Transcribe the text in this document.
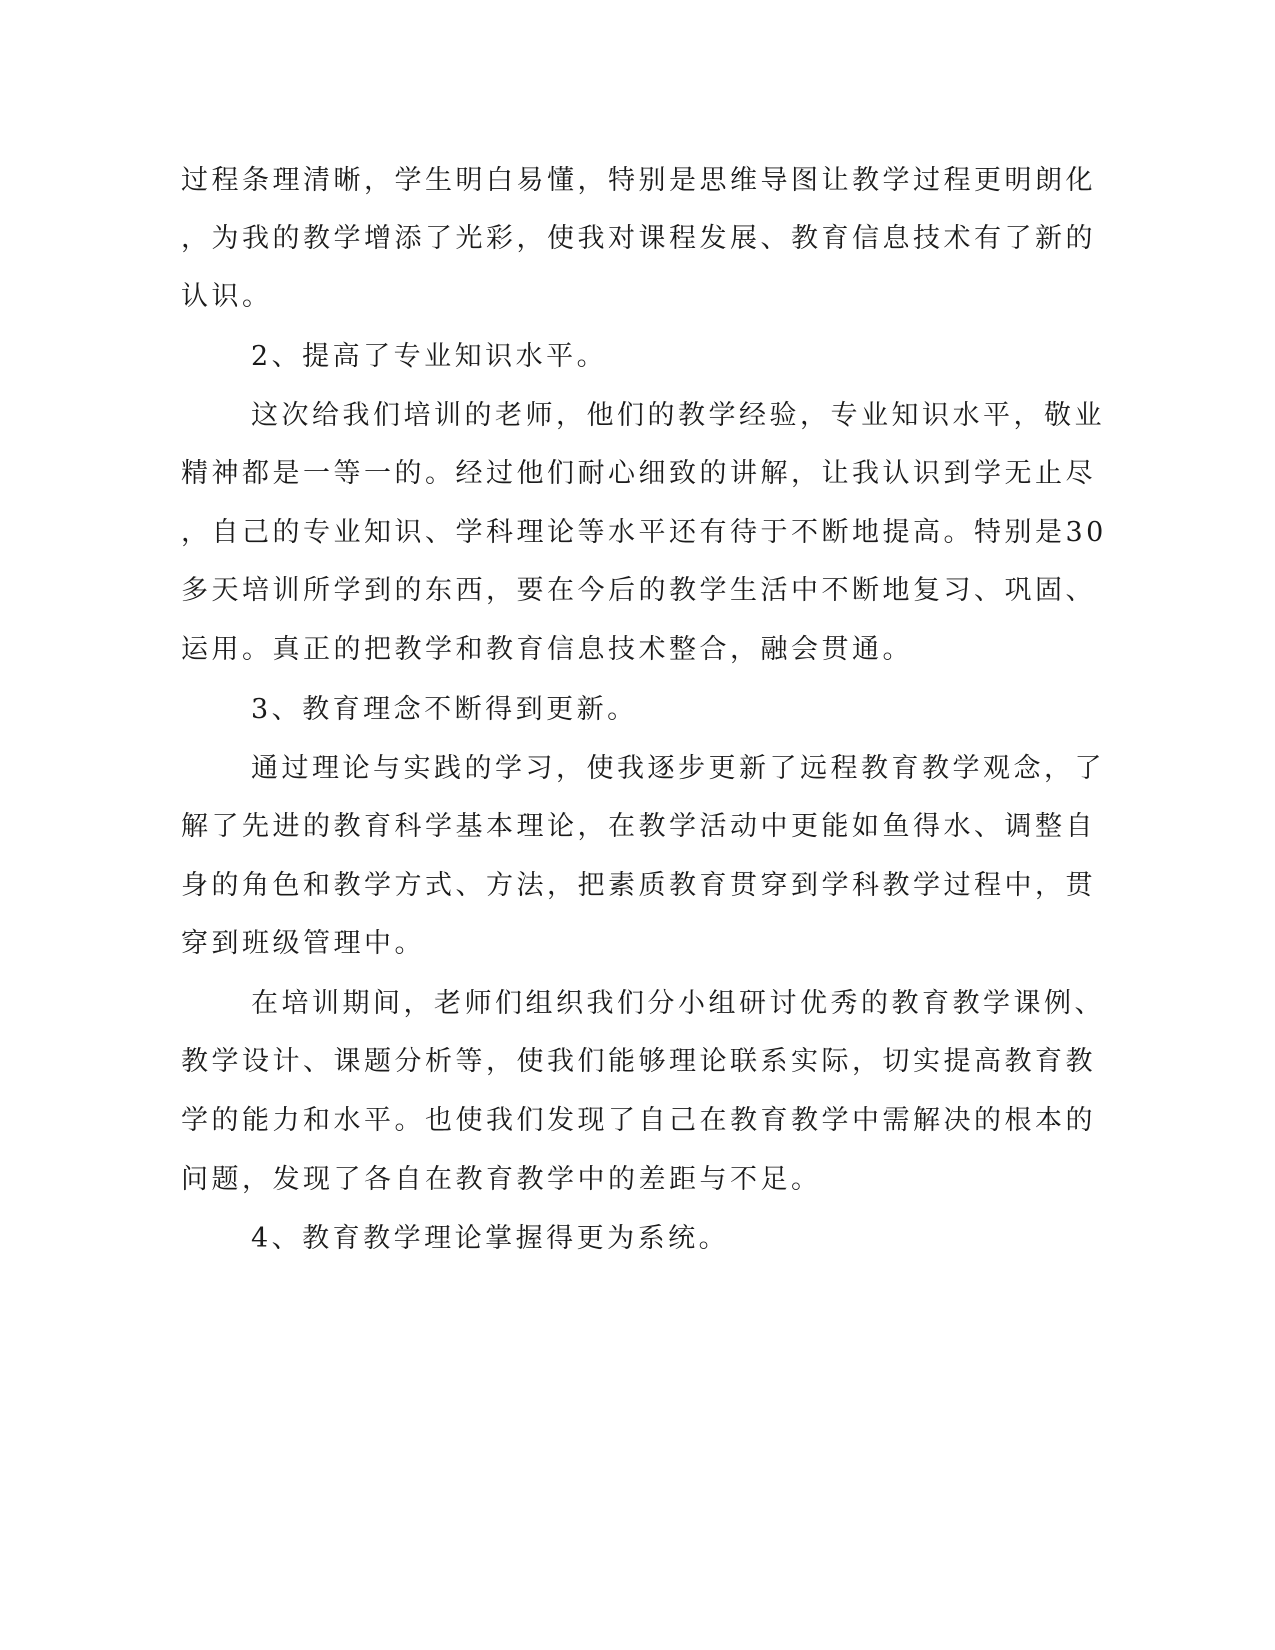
过程条理清晰，学生明白易懂，特别是思维导图让教学过程更明朗化
，为我的教学增添了光彩，使我对课程发展、教育信息技术有了新的
认识。
2、提高了专业知识水平。
这次给我们培训的老师，他们的教学经验，专业知识水平，敬业
精神都是一等一的。经过他们耐心细致的讲解，让我认识到学无止尽
，自己的专业知识、学科理论等水平还有待于不断地提高。特别是30
多天培训所学到的东西，要在今后的教学生活中不断地复习、巩固、
运用。真正的把教学和教育信息技术整合，融会贯通。
3、教育理念不断得到更新。
通过理论与实践的学习，使我逐步更新了远程教育教学观念，了
解了先进的教育科学基本理论，在教学活动中更能如鱼得水、调整自
身的角色和教学方式、方法，把素质教育贯穿到学科教学过程中，贯
穿到班级管理中。
在培训期间，老师们组织我们分小组研讨优秀的教育教学课例、
教学设计、课题分析等，使我们能够理论联系实际，切实提高教育教
学的能力和水平。也使我们发现了自己在教育教学中需解决的根本的
问题，发现了各自在教育教学中的差距与不足。
4、教育教学理论掌握得更为系统。
